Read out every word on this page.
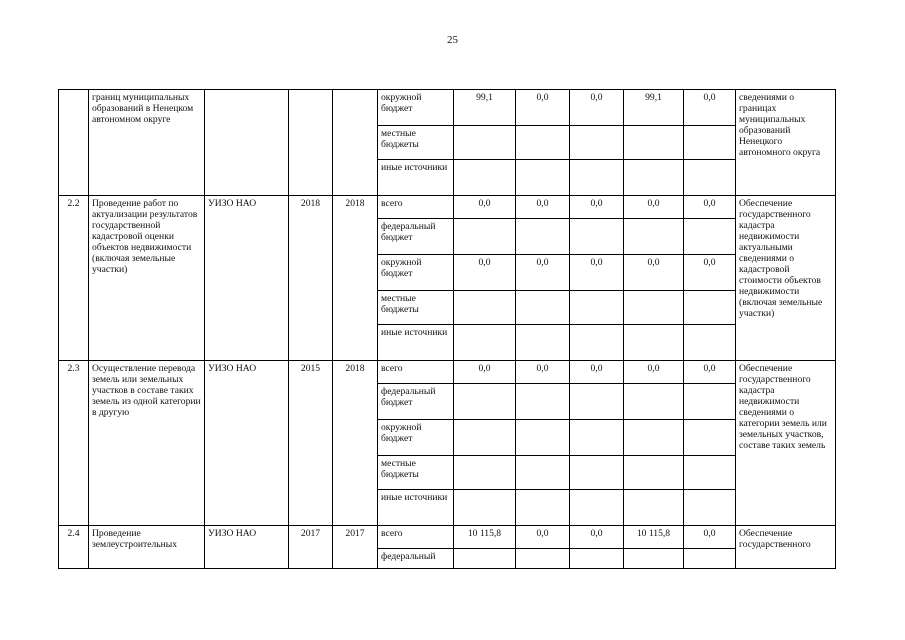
25
	границ муниципальных образований в Ненецком автономном округе				окружной бюджет	99,1	0,0	0,0	99,1	0,0	сведениями о границах муниципальных образований Ненецкого автономного округа
					местные бюджеты						
					иные источники						
2.2	Проведение работ по актуализации результатов государственной кадастровой оценки объектов недвижимости (включая земельные участки)	УИЗО НАО	2018	2018	всего	0,0	0,0	0,0	0,0	0,0	Обеспечение государственного кадастра недвижимости актуальными сведениями о кадастровой стоимости объектов недвижимости (включая земельные участки)
					федеральный бюджет						
					окружной бюджет	0,0	0,0	0,0	0,0	0,0	
					местные бюджеты						
					иные источники						
2.3	Осуществление перевода земель или земельных участков в составе таких земель из одной категории в другую	УИЗО НАО	2015	2018	всего	0,0	0,0	0,0	0,0	0,0	Обеспечение государственного кадастра недвижимости сведениями о категории земель или земельных участков, составе таких земель
					федеральный бюджет						
					окружной бюджет						
					местные бюджеты						
					иные источники						
2.4	Проведение землеустроительных	УИЗО НАО	2017	2017	всего	10 115,8	0,0	0,0	10 115,8	0,0	Обеспечение государственного
					федеральный						
